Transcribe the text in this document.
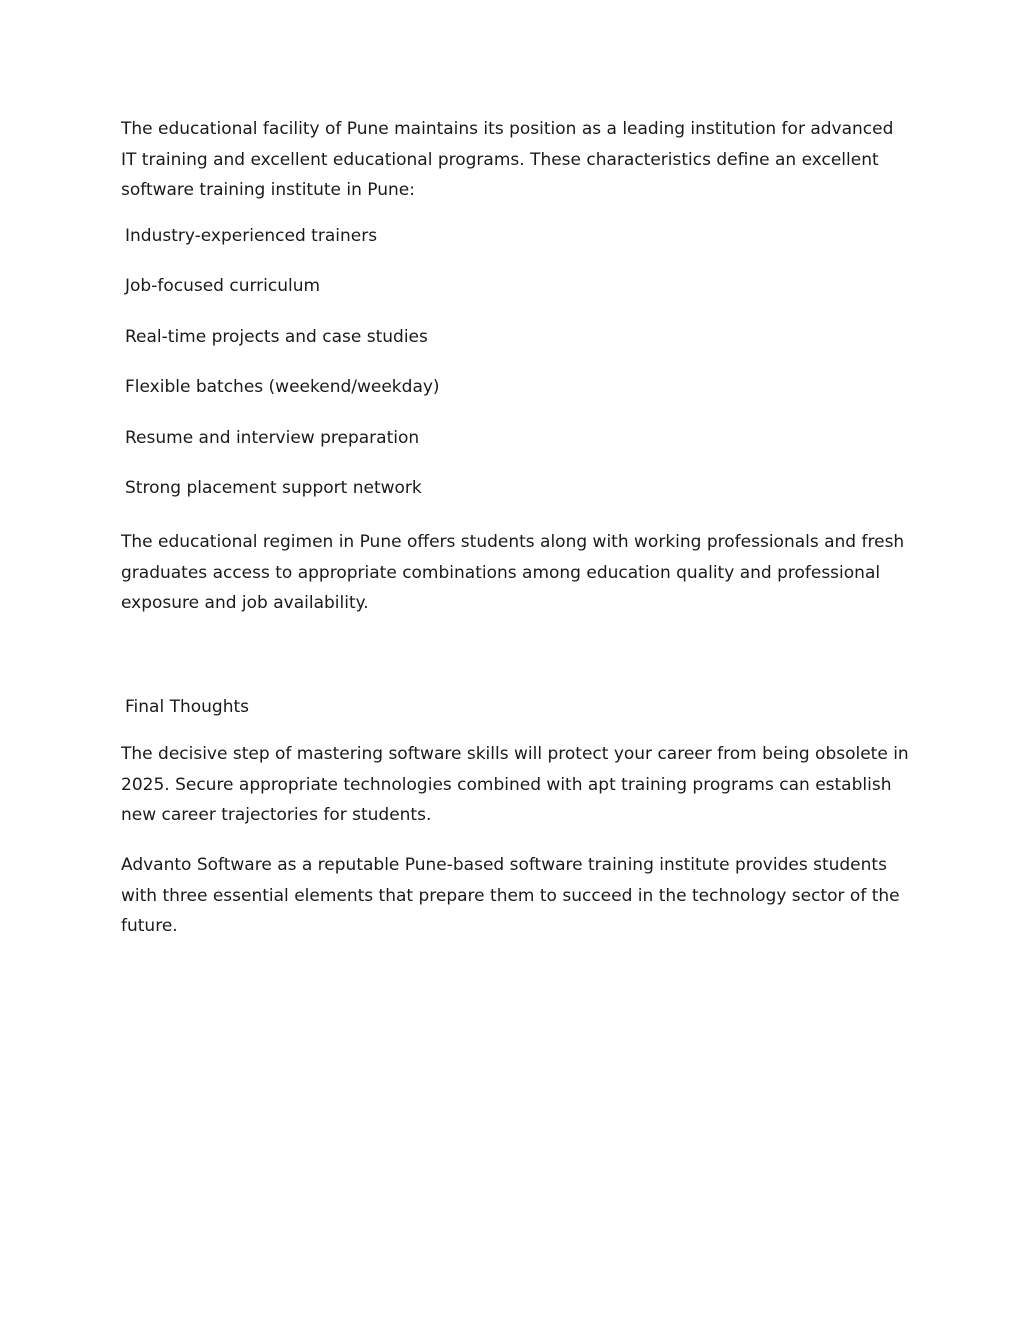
The educational facility of Pune maintains its position as a leading institution for advanced IT training and excellent educational programs. These characteristics define an excellent software training institute in Pune:

Industry-experienced trainers

Job-focused curriculum

Real-time projects and case studies

Flexible batches (weekend/weekday)

Resume and interview preparation

Strong placement support network

The educational regimen in Pune offers students along with working professionals and fresh graduates access to appropriate combinations among education quality and professional exposure and job availability.

Final Thoughts

The decisive step of mastering software skills will protect your career from being obsolete in 2025. Secure appropriate technologies combined with apt training programs can establish new career trajectories for students.

Advanto Software as a reputable Pune-based software training institute provides students with three essential elements that prepare them to succeed in the technology sector of the future.
